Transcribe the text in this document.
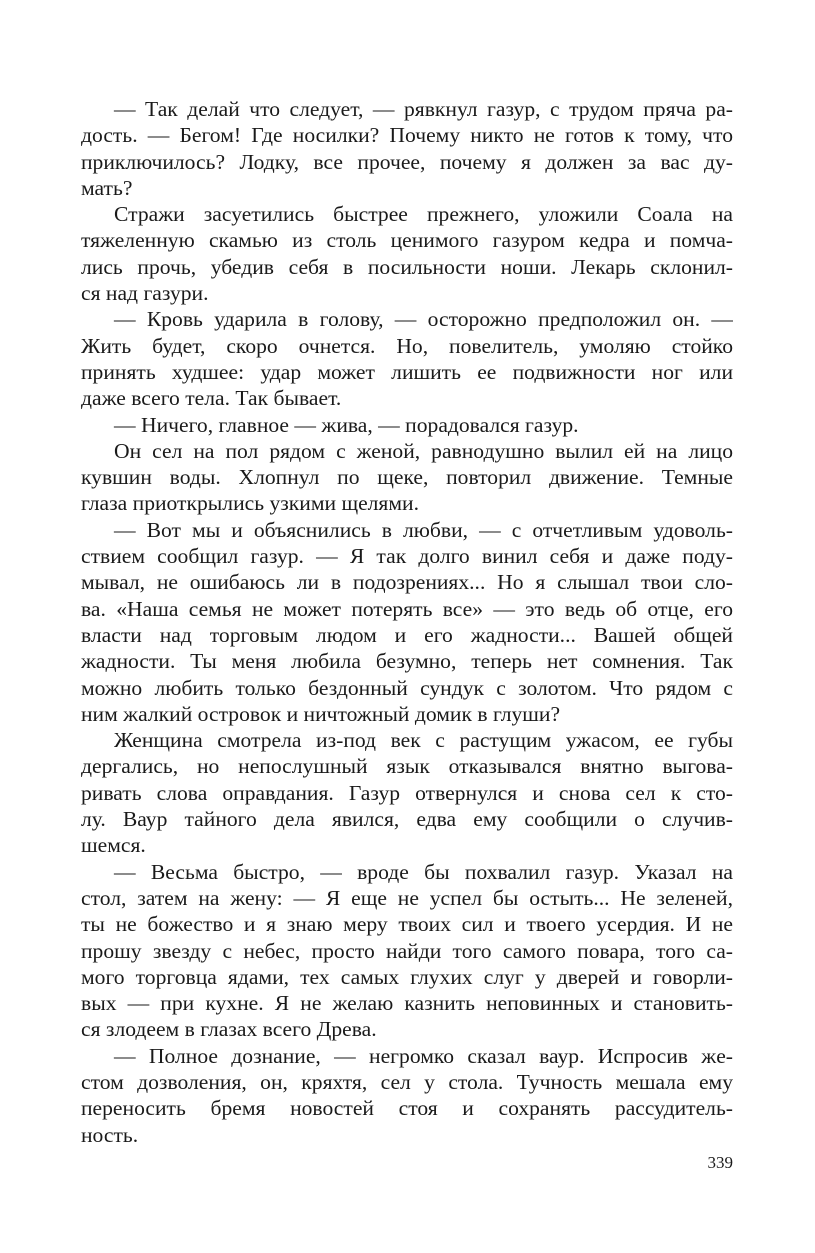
— Так делай что следует, — рявкнул газур, с трудом пряча ра-
дость. — Бегом! Где носилки? Почему никто не готов к тому, что
приключилось? Лодку, все прочее, почему я должен за вас ду-
мать?
Стражи засуетились быстрее прежнего, уложили Соала на
тяжеленную скамью из столь ценимого газуром кедра и помча-
лись прочь, убедив себя в посильности ноши. Лекарь склонил-
ся над газури.
— Кровь ударила в голову, — осторожно предположил он. —
Жить будет, скоро очнется. Но, повелитель, умоляю стойко
принять худшее: удар может лишить ее подвижности ног или
даже всего тела. Так бывает.
— Ничего, главное — жива, — порадовался газур.
Он сел на пол рядом с женой, равнодушно вылил ей на лицо
кувшин воды. Хлопнул по щеке, повторил движение. Темные
глаза приоткрылись узкими щелями.
— Вот мы и объяснились в любви, — с отчетливым удоволь-
ствием сообщил газур. — Я так долго винил себя и даже поду-
мывал, не ошибаюсь ли в подозрениях... Но я слышал твои сло-
ва. «Наша семья не может потерять все» — это ведь об отце, его
власти над торговым людом и его жадности... Вашей общей
жадности. Ты меня любила безумно, теперь нет сомнения. Так
можно любить только бездонный сундук с золотом. Что рядом с
ним жалкий островок и ничтожный домик в глуши?
Женщина смотрела из-под век с растущим ужасом, ее губы
дергались, но непослушный язык отказывался внятно выгова-
ривать слова оправдания. Газур отвернулся и снова сел к сто-
лу. Ваур тайного дела явился, едва ему сообщили о случив-
шемся.
— Весьма быстро, — вроде бы похвалил газур. Указал на
стол, затем на жену: — Я еще не успел бы остыть... Не зеленей,
ты не божество и я знаю меру твоих сил и твоего усердия. И не
прошу звезду с небес, просто найди того самого повара, того са-
мого торговца ядами, тех самых глухих слуг у дверей и говорли-
вых — при кухне. Я не желаю казнить неповинных и становить-
ся злодеем в глазах всего Древа.
— Полное дознание, — негромко сказал ваур. Испросив жe-
стом дозволения, он, кряхтя, сел у стола. Тучность мешала ему
переносить бремя новостей стоя и сохранять рассудитель-
ность.
339
